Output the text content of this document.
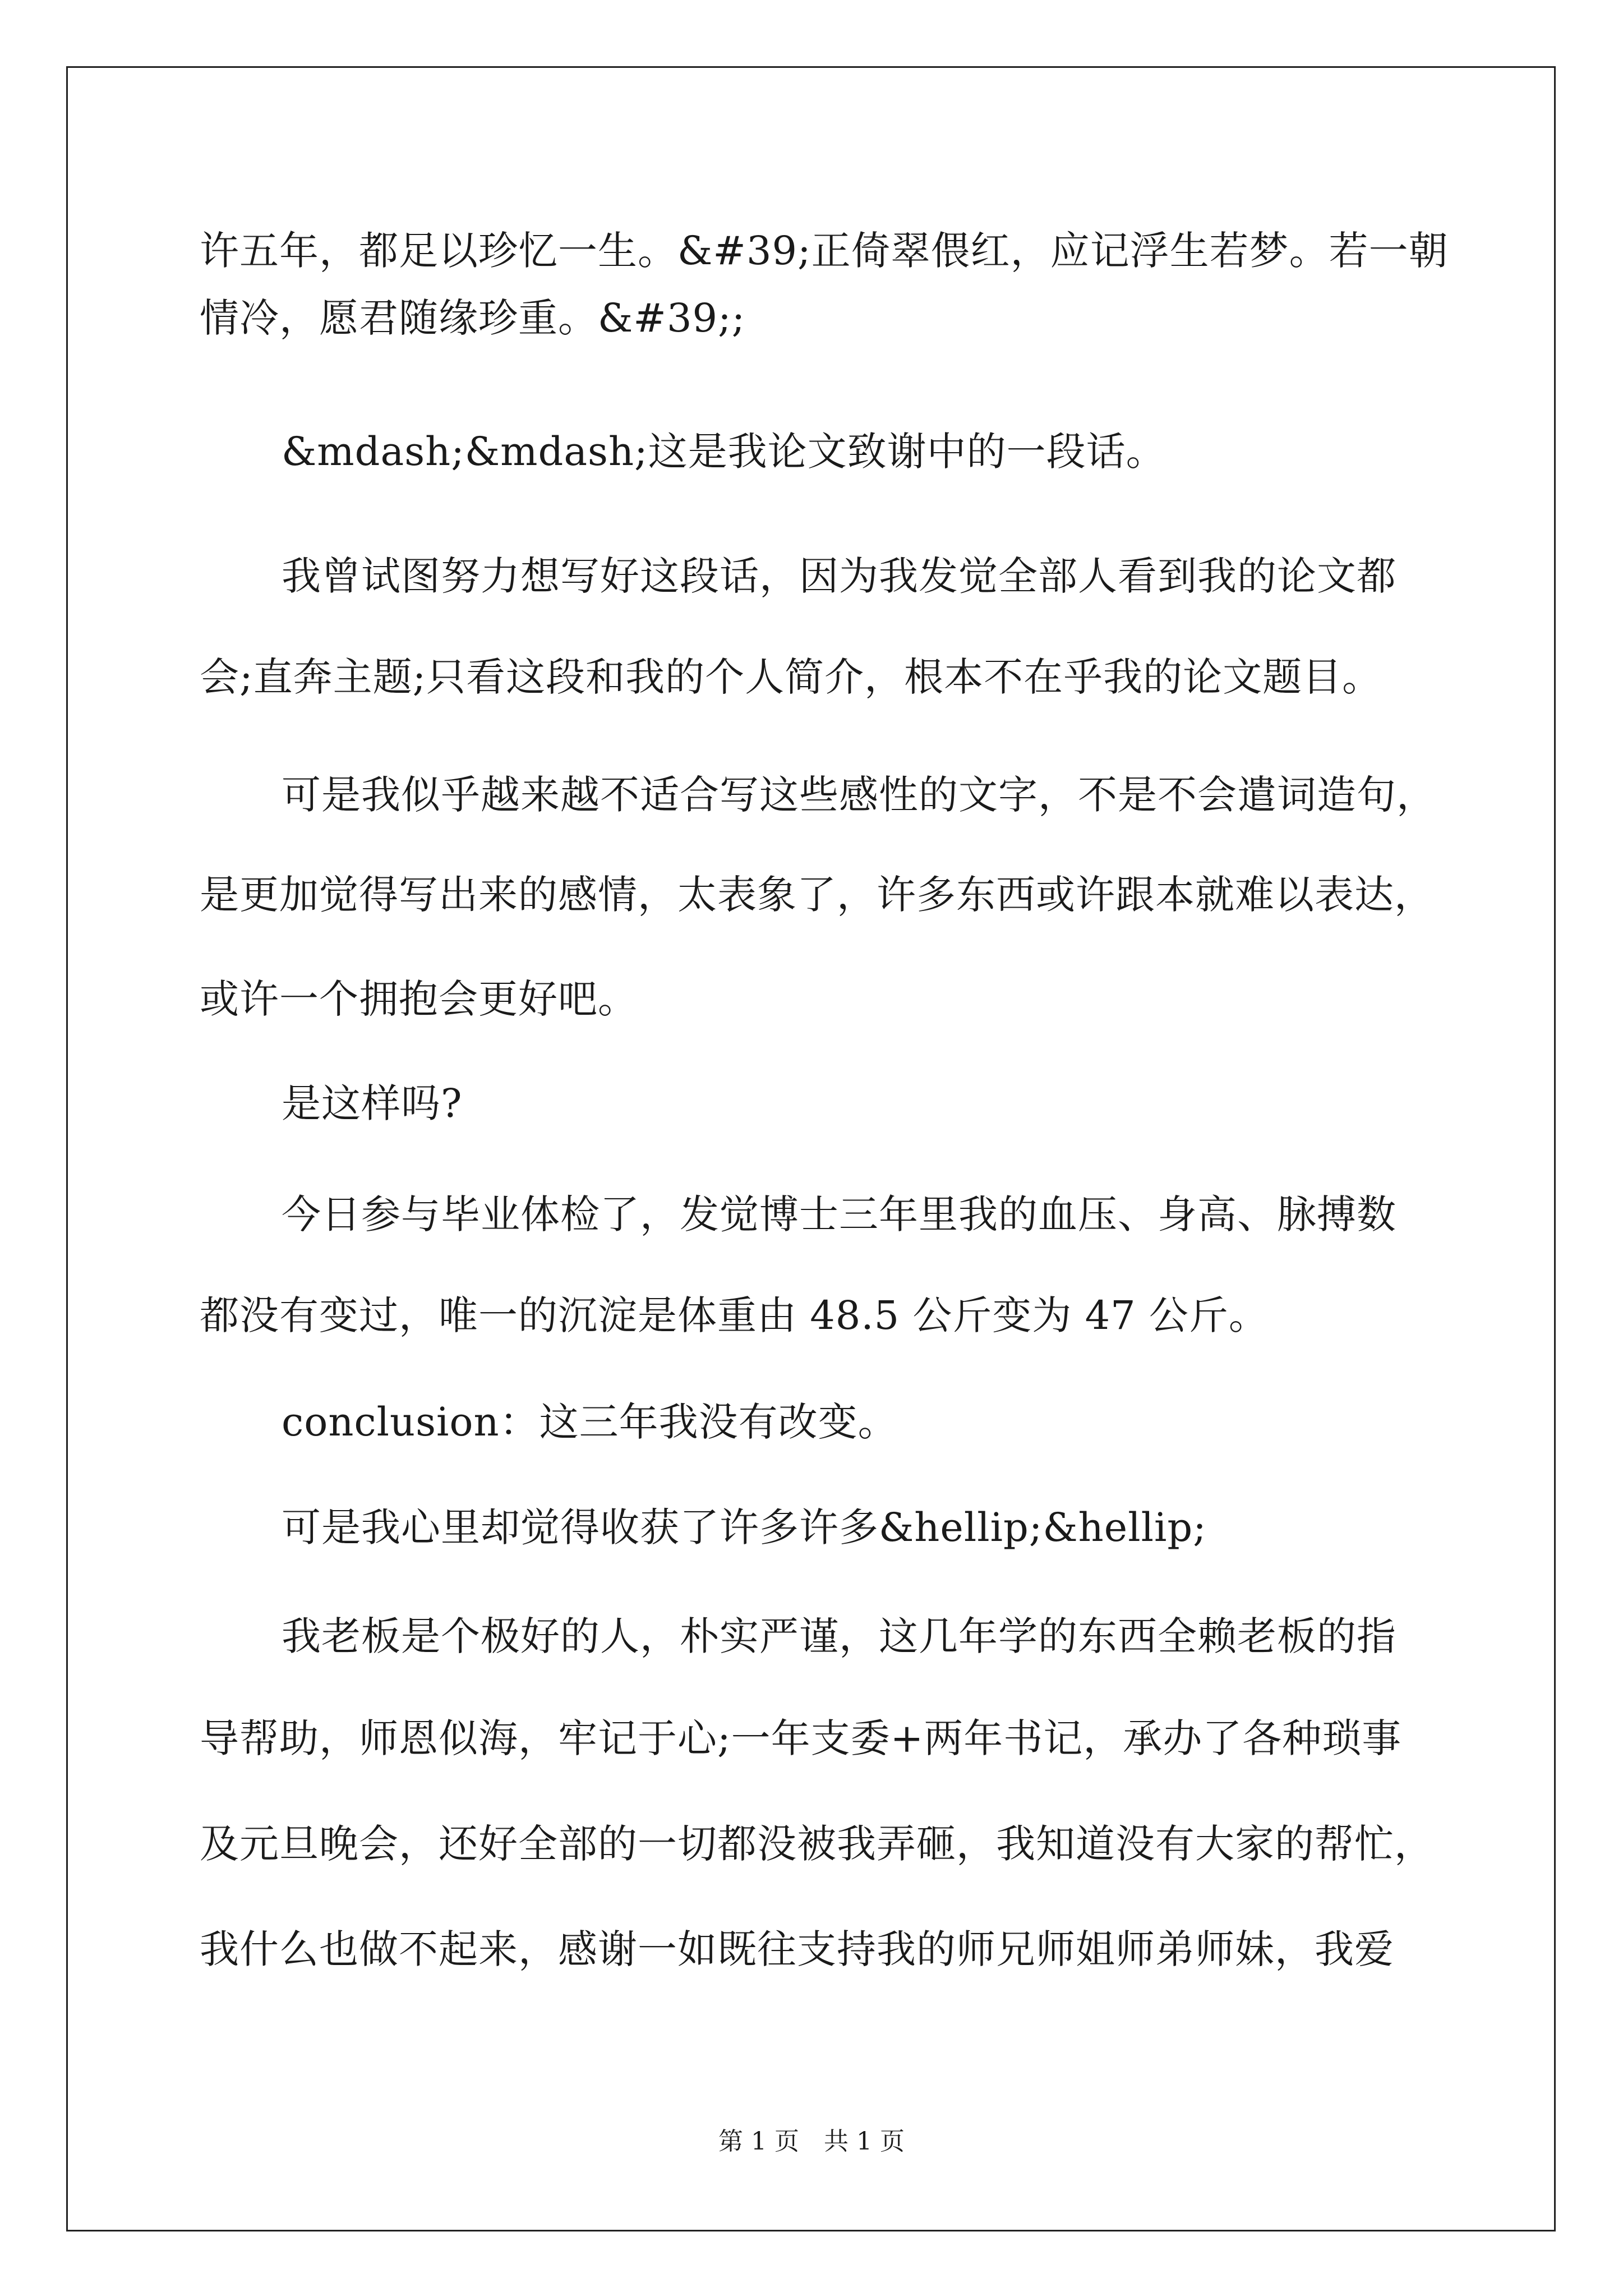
许五年，都足以珍忆一生。&#39;正倚翠偎红，应记浮生若梦。若一朝
情冷，愿君随缘珍重。&#39;;
&mdash;&mdash;这是我论文致谢中的一段话。
我曾试图努力想写好这段话，因为我发觉全部人看到我的论文都
会;直奔主题;只看这段和我的个人简介，根本不在乎我的论文题目。
可是我似乎越来越不适合写这些感性的文字，不是不会遣词造句，
是更加觉得写出来的感情，太表象了，许多东西或许跟本就难以表达，
或许一个拥抱会更好吧。
是这样吗?
今日参与毕业体检了，发觉博士三年里我的血压、身高、脉搏数
都没有变过，唯一的沉淀是体重由 48.5 公斤变为 47 公斤。
conclusion：这三年我没有改变。
可是我心里却觉得收获了许多许多&hellip;&hellip;
我老板是个极好的人，朴实严谨，这几年学的东西全赖老板的指
导帮助，师恩似海，牢记于心;一年支委+两年书记，承办了各种琐事
及元旦晚会，还好全部的一切都没被我弄砸，我知道没有大家的帮忙，
我什么也做不起来，感谢一如既往支持我的师兄师姐师弟师妹，我爱
第 1 页　共 1 页
